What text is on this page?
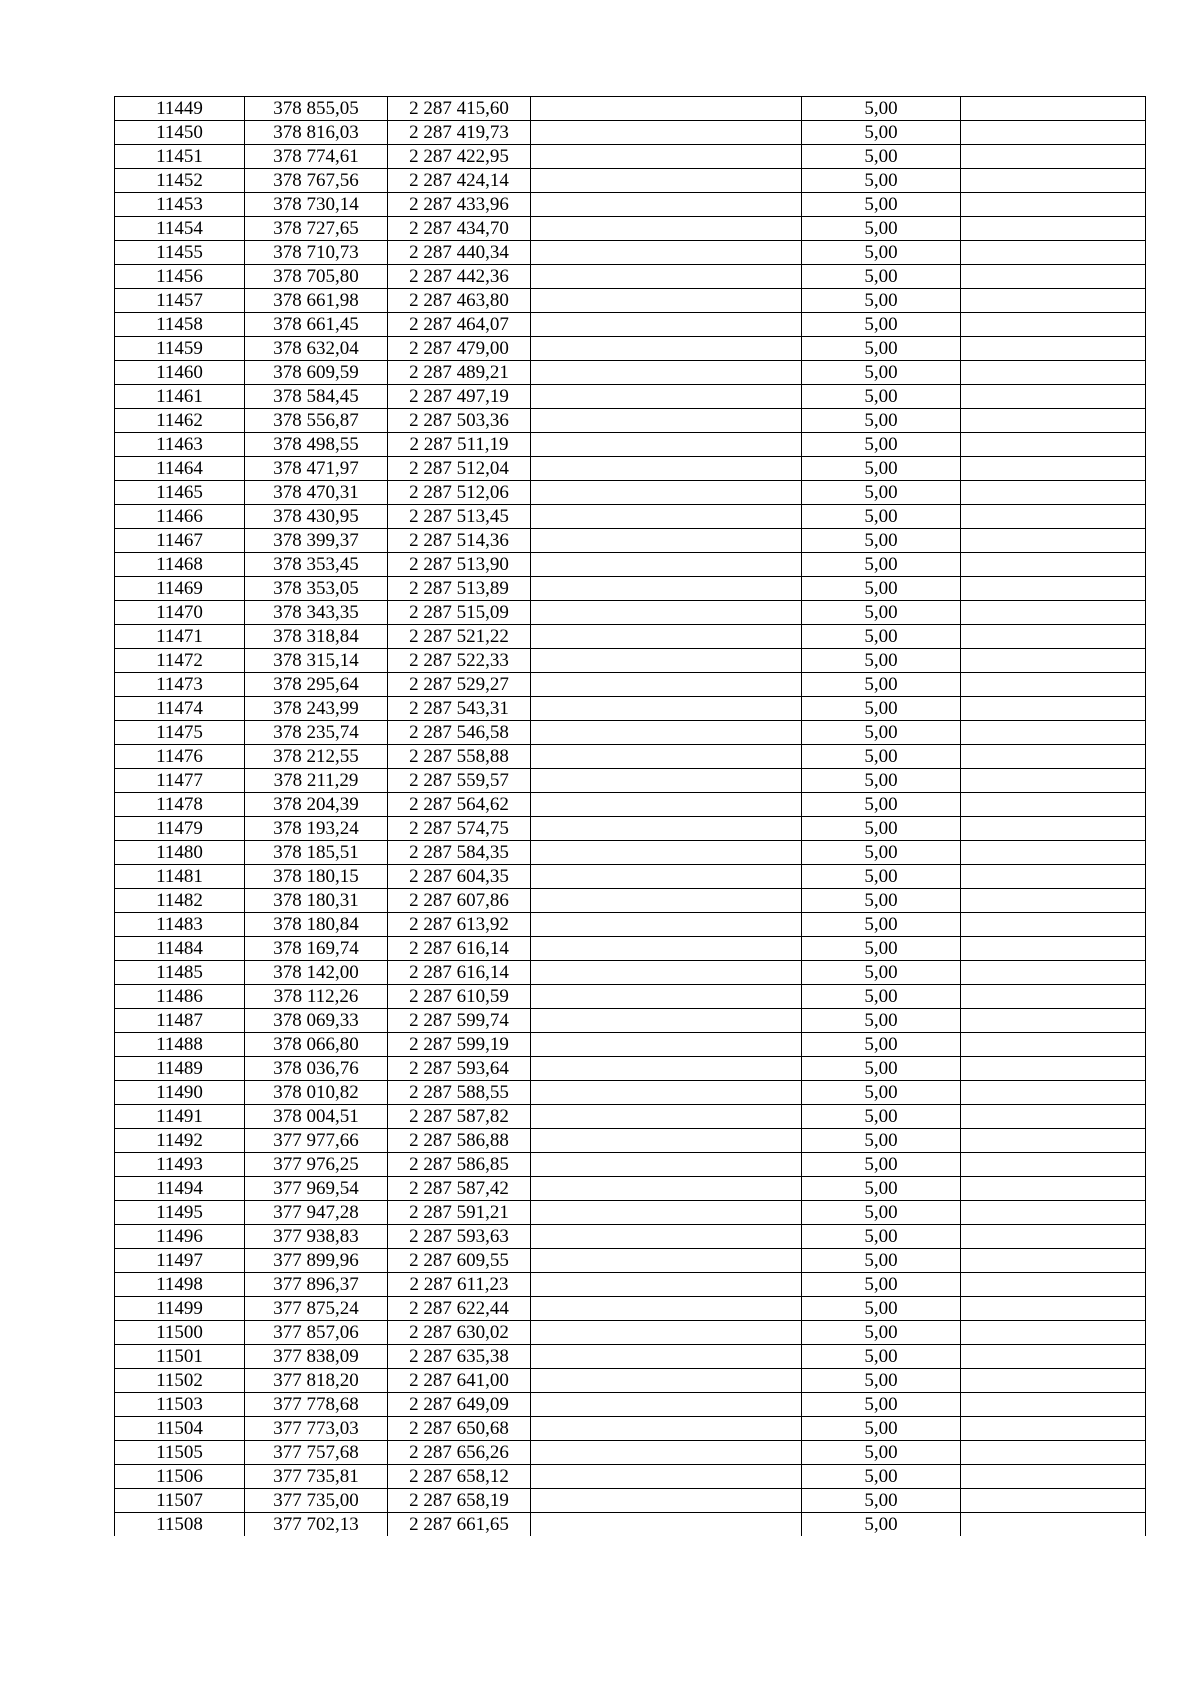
11449	378 855,05	2 287 415,60		5,00	
11450	378 816,03	2 287 419,73		5,00	
11451	378 774,61	2 287 422,95		5,00	
11452	378 767,56	2 287 424,14		5,00	
11453	378 730,14	2 287 433,96		5,00	
11454	378 727,65	2 287 434,70		5,00	
11455	378 710,73	2 287 440,34		5,00	
11456	378 705,80	2 287 442,36		5,00	
11457	378 661,98	2 287 463,80		5,00	
11458	378 661,45	2 287 464,07		5,00	
11459	378 632,04	2 287 479,00		5,00	
11460	378 609,59	2 287 489,21		5,00	
11461	378 584,45	2 287 497,19		5,00	
11462	378 556,87	2 287 503,36		5,00	
11463	378 498,55	2 287 511,19		5,00	
11464	378 471,97	2 287 512,04		5,00	
11465	378 470,31	2 287 512,06		5,00	
11466	378 430,95	2 287 513,45		5,00	
11467	378 399,37	2 287 514,36		5,00	
11468	378 353,45	2 287 513,90		5,00	
11469	378 353,05	2 287 513,89		5,00	
11470	378 343,35	2 287 515,09		5,00	
11471	378 318,84	2 287 521,22		5,00	
11472	378 315,14	2 287 522,33		5,00	
11473	378 295,64	2 287 529,27		5,00	
11474	378 243,99	2 287 543,31		5,00	
11475	378 235,74	2 287 546,58		5,00	
11476	378 212,55	2 287 558,88		5,00	
11477	378 211,29	2 287 559,57		5,00	
11478	378 204,39	2 287 564,62		5,00	
11479	378 193,24	2 287 574,75		5,00	
11480	378 185,51	2 287 584,35		5,00	
11481	378 180,15	2 287 604,35		5,00	
11482	378 180,31	2 287 607,86		5,00	
11483	378 180,84	2 287 613,92		5,00	
11484	378 169,74	2 287 616,14		5,00	
11485	378 142,00	2 287 616,14		5,00	
11486	378 112,26	2 287 610,59		5,00	
11487	378 069,33	2 287 599,74		5,00	
11488	378 066,80	2 287 599,19		5,00	
11489	378 036,76	2 287 593,64		5,00	
11490	378 010,82	2 287 588,55		5,00	
11491	378 004,51	2 287 587,82		5,00	
11492	377 977,66	2 287 586,88		5,00	
11493	377 976,25	2 287 586,85		5,00	
11494	377 969,54	2 287 587,42		5,00	
11495	377 947,28	2 287 591,21		5,00	
11496	377 938,83	2 287 593,63		5,00	
11497	377 899,96	2 287 609,55		5,00	
11498	377 896,37	2 287 611,23		5,00	
11499	377 875,24	2 287 622,44		5,00	
11500	377 857,06	2 287 630,02		5,00	
11501	377 838,09	2 287 635,38		5,00	
11502	377 818,20	2 287 641,00		5,00	
11503	377 778,68	2 287 649,09		5,00	
11504	377 773,03	2 287 650,68		5,00	
11505	377 757,68	2 287 656,26		5,00	
11506	377 735,81	2 287 658,12		5,00	
11507	377 735,00	2 287 658,19		5,00	
11508	377 702,13	2 287 661,65		5,00	
